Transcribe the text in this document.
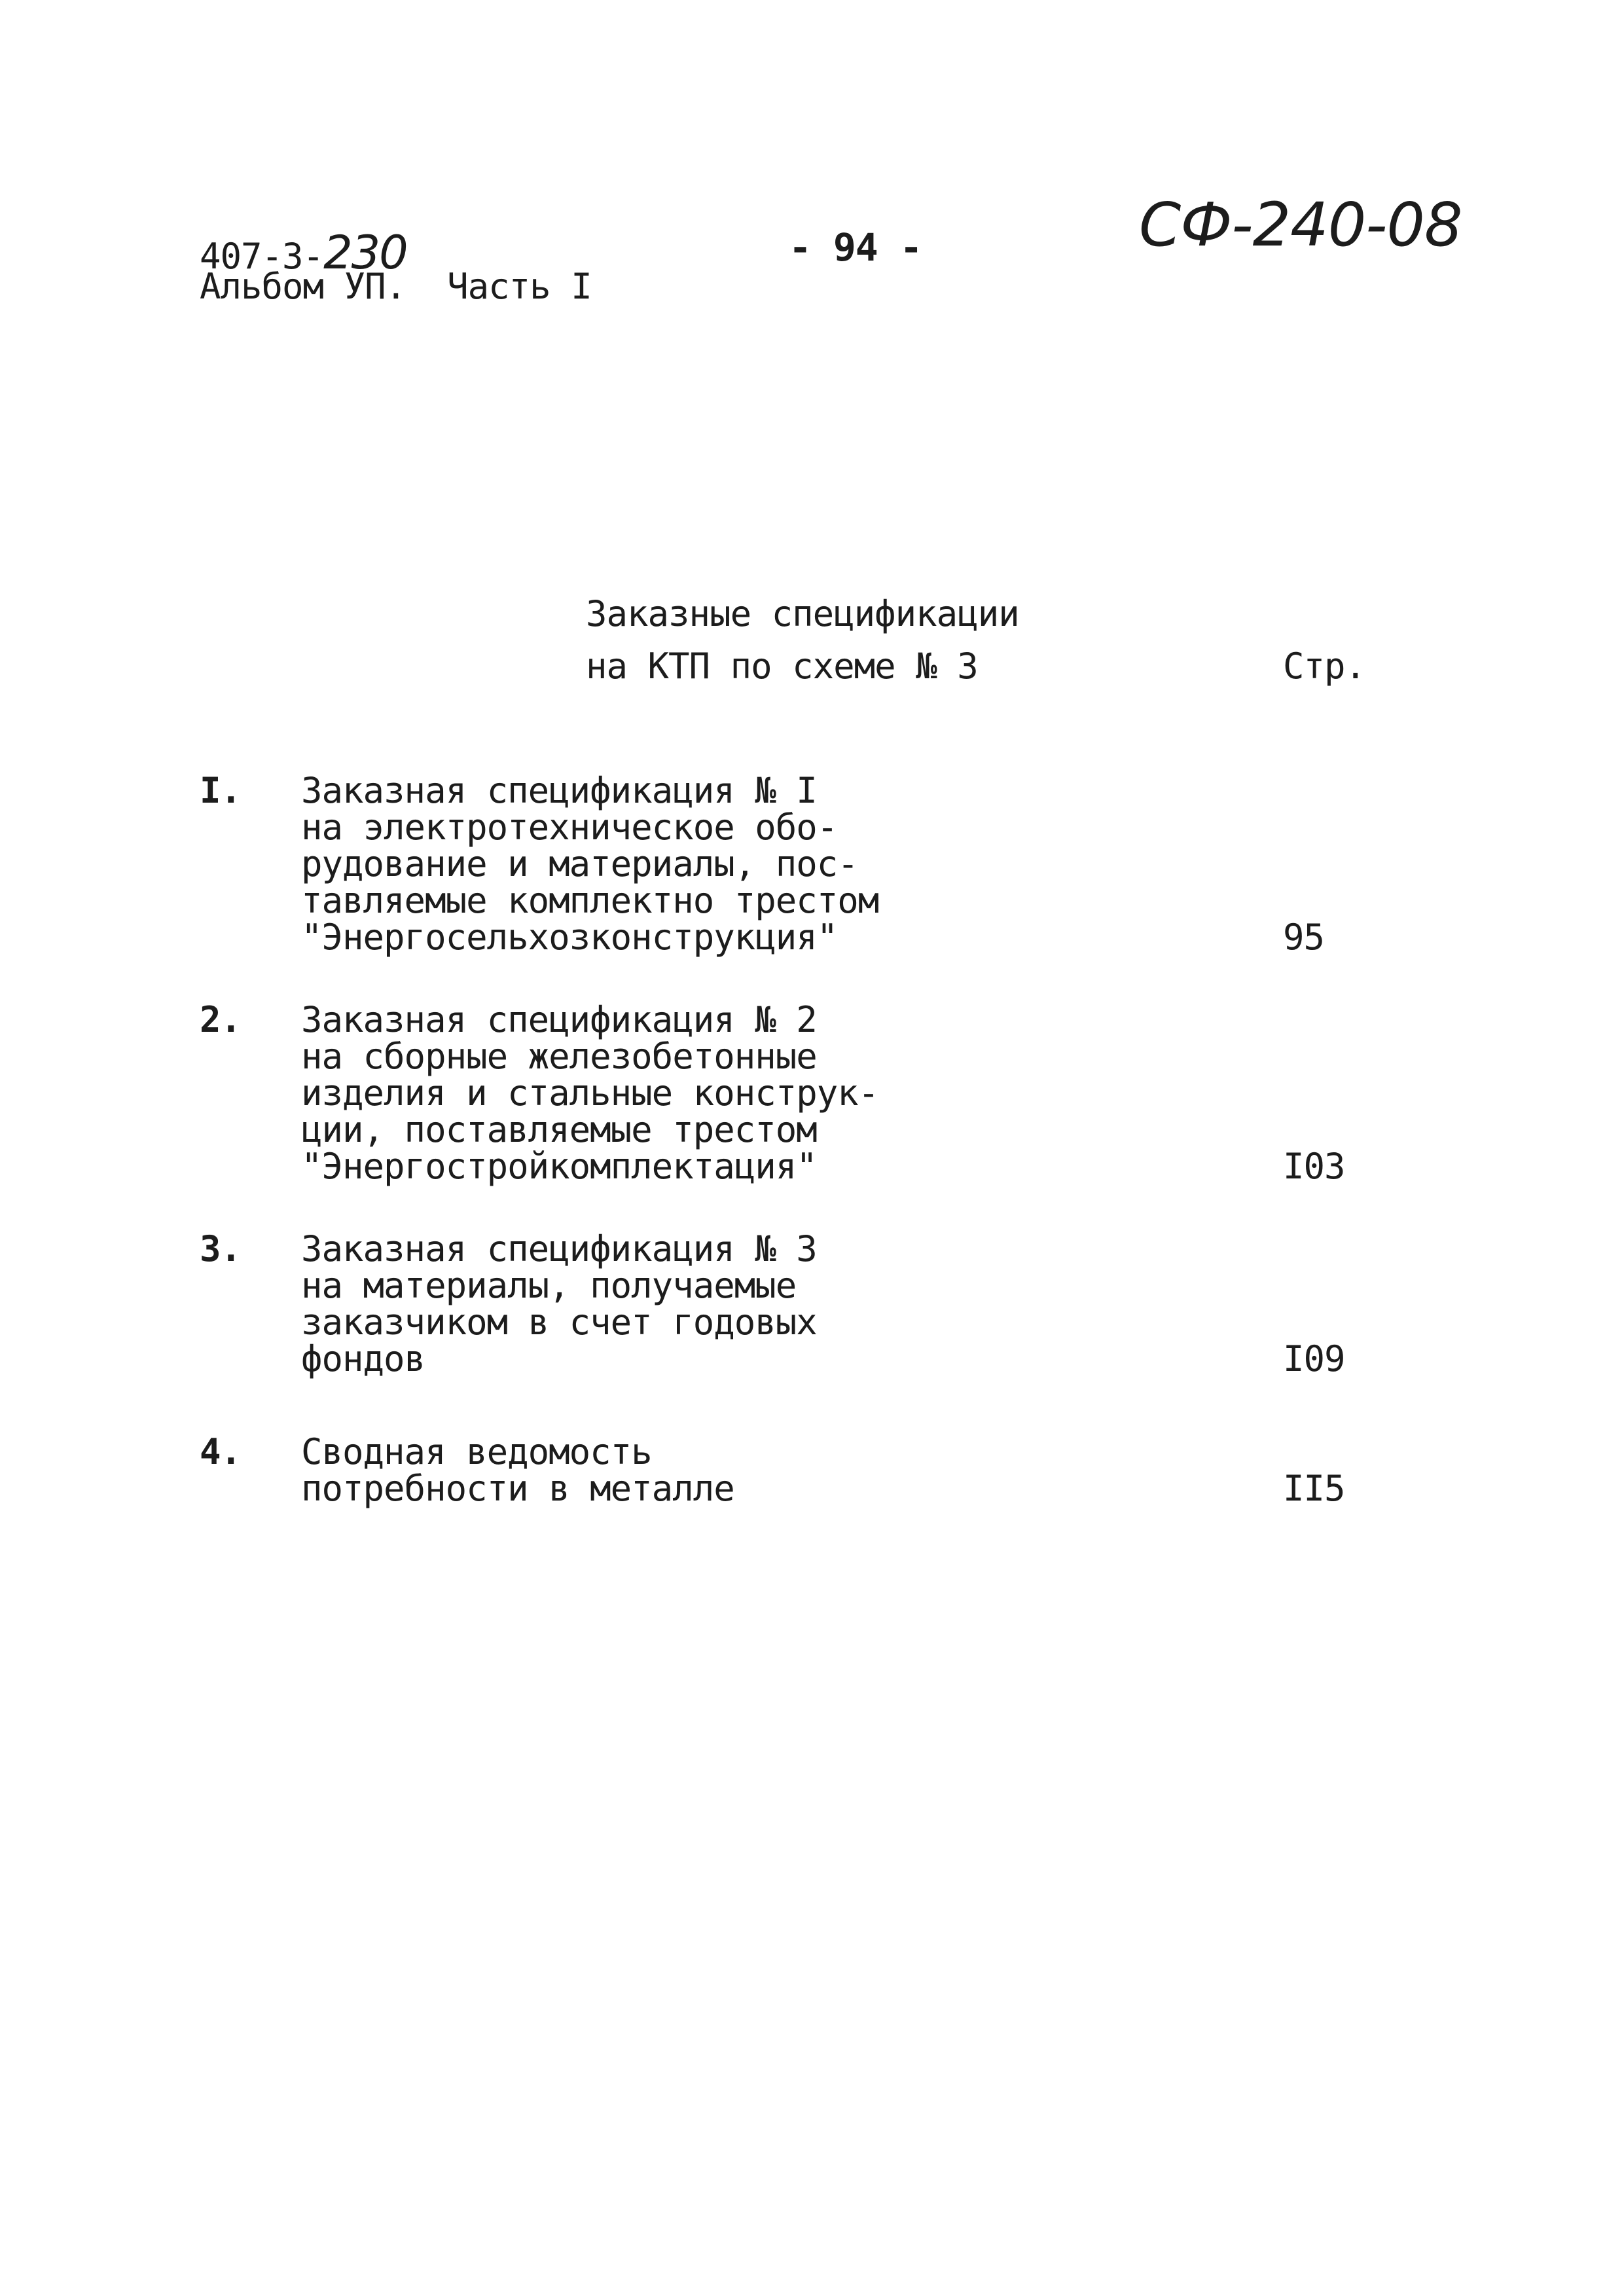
407-3-230
Альбом УП.  Часть I
- 94 -	СФ-240-08
Заказные спецификации
на КТП по схеме № 3	Стр.
I. Заказная спецификация № I
на электротехническое обо-
рудование и материалы, пос-
тавляемые комплектно трестом
"Энергосельхозконструкция"	95
2. Заказная спецификация № 2
на сборные железобетонные
изделия и стальные конструк-
ции, поставляемые трестом
"Энергостройкомплектация"	I03
3. Заказная спецификация № 3
на материалы, получаемые
заказчиком в счет годовых
фондов	I09
4. Сводная ведомость
потребности в металле	II5
